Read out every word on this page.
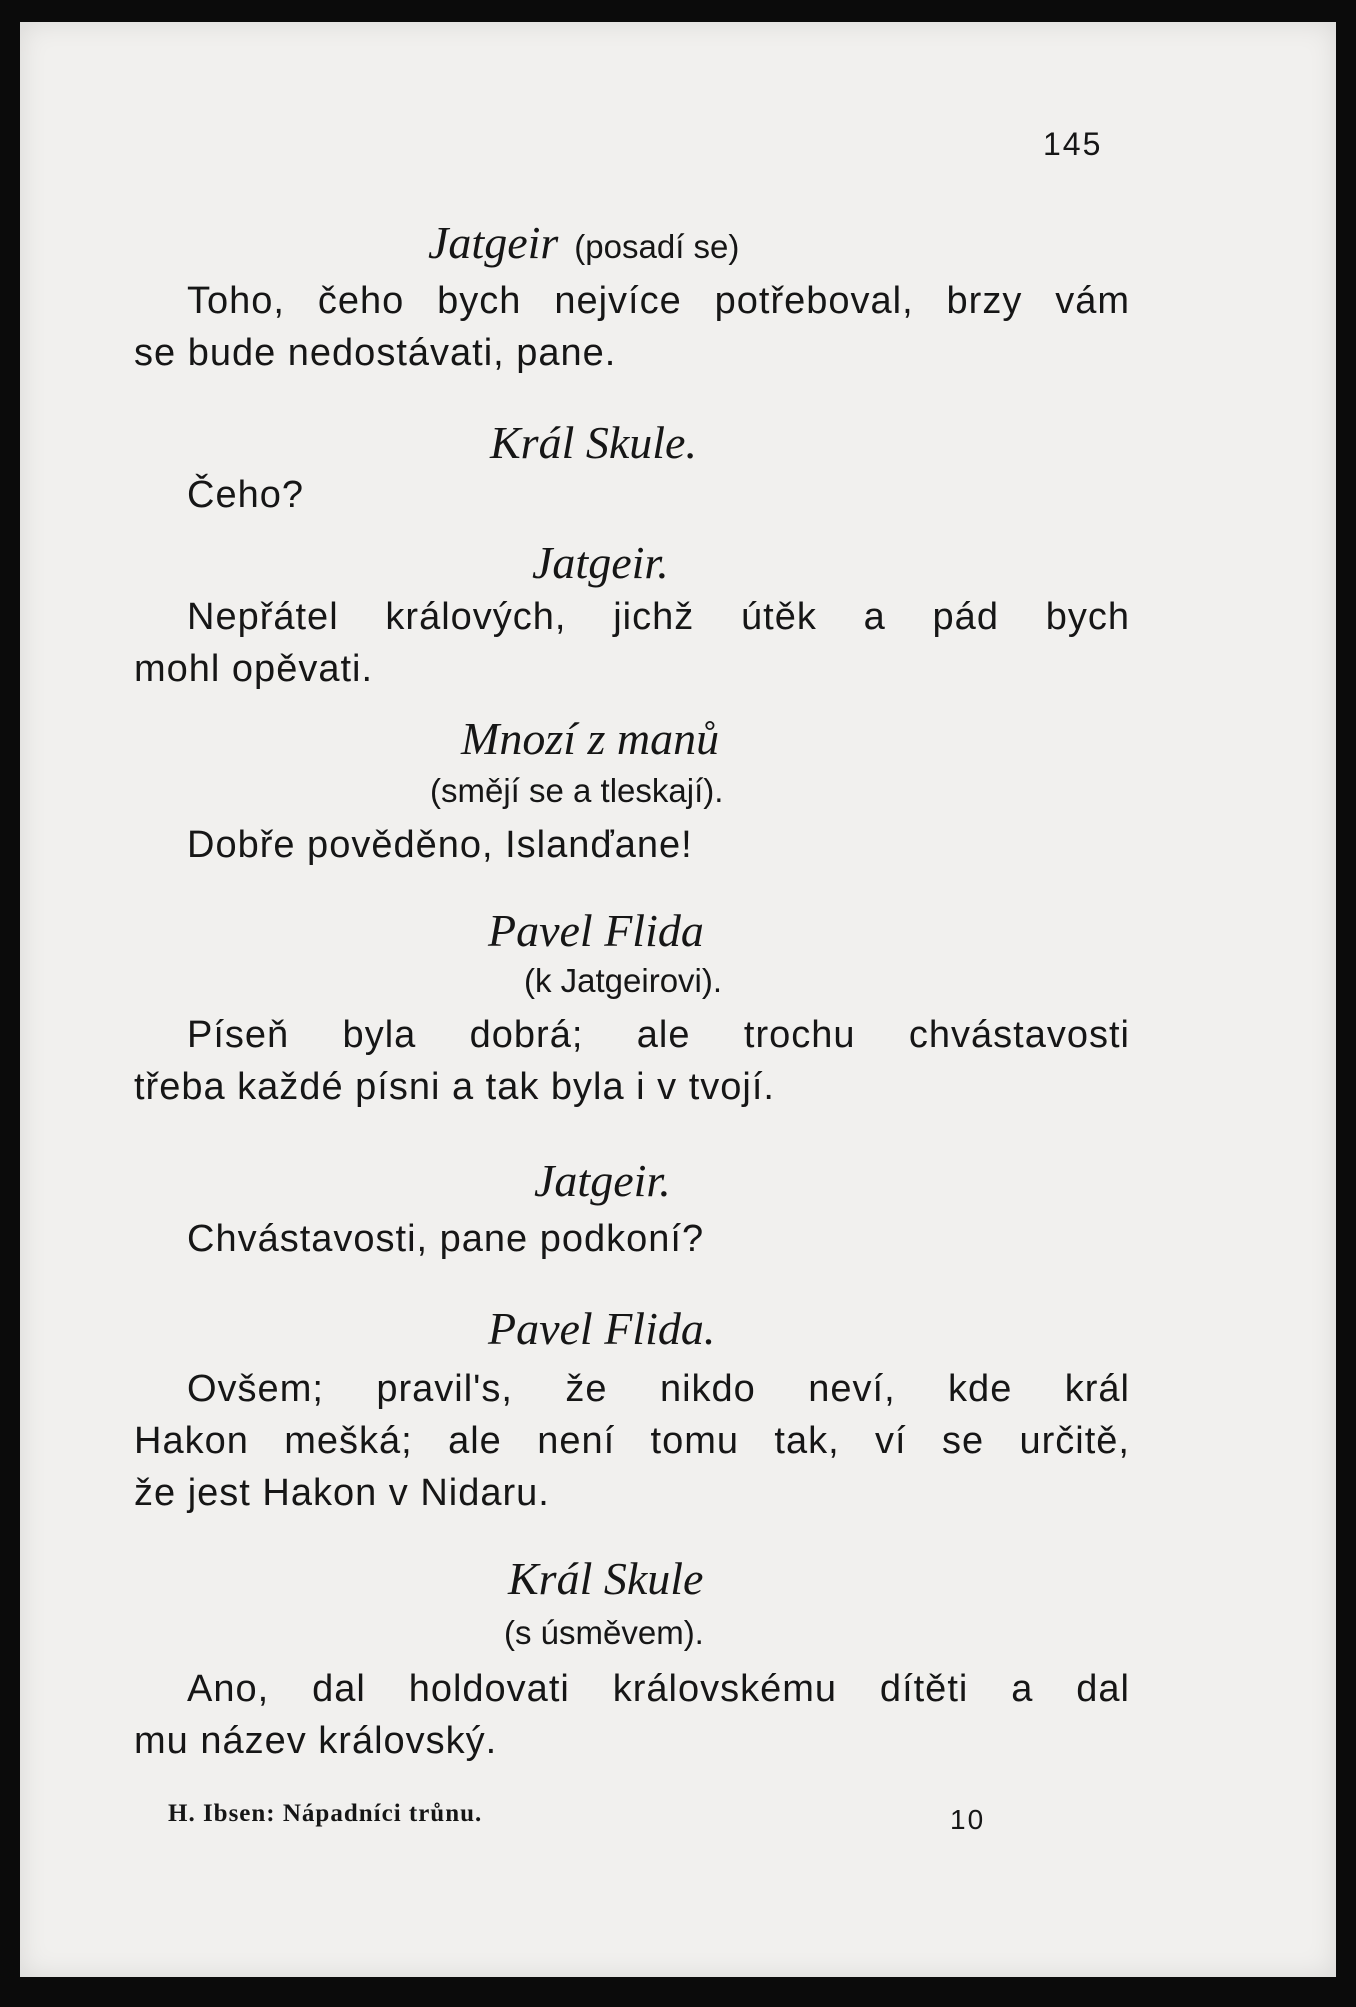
145
Jatgeir (posadí se)
Toho, čeho bych nejvíce potřeboval, brzy vám
se bude nedostávati, pane.
Král Skule.
Čeho?
Jatgeir.
Nepřátel králových, jichž útěk a pád bych
mohl opěvati.
Mnozí z manů
(smějí se a tleskají).
Dobře pověděno, Islanďane!
Pavel Flida
(k Jatgeirovi).
Píseň byla dobrá; ale trochu chvástavosti
třeba každé písni a tak byla i v tvojí.
Jatgeir.
Chvástavosti, pane podkoní?
Pavel Flida.
Ovšem; pravil's, že nikdo neví, kde král
Hakon mešká; ale není tomu tak, ví se určitě,
že jest Hakon v Nidaru.
Král Skule
(s úsměvem).
Ano, dal holdovati královskému dítěti a dal
mu název královský.
H. Ibsen: Nápadníci trůnu.	10
